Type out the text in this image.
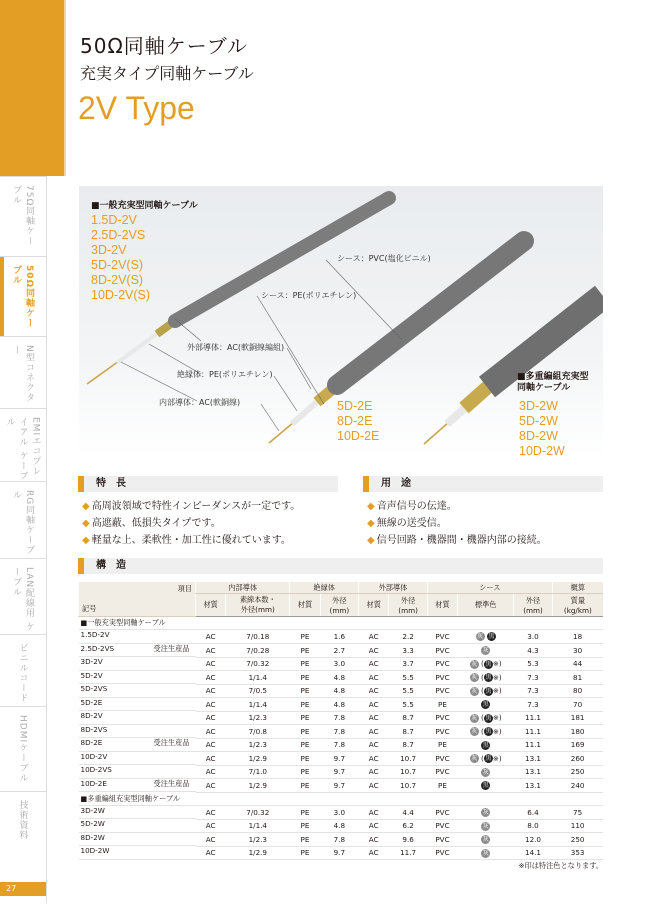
75Ω同軸ケーブル
50Ω同軸ケーブル
N型コネクター
EMIエコプレイアル ケーブル
RG同軸ケーブル
LAN配線用 ケーブル
ビニルコード
HDMIケーブル
技術資料
27
50Ω同軸ケーブル
充実タイプ同軸ケーブル
2V Type
■一般充実型同軸ケーブル
1.5D-2V
2.5D-2VS
3D-2V
5D-2V(S)
8D-2V(S)
10D-2V(S)
5D-2E
8D-2E
10D-2E
■多重編組充実型
同軸ケーブル
3D-2W
5D-2W
8D-2W
10D-2W
シース：PVC(塩化ビニル)
シース：PE(ポリエチレン)
外部導体：AC(軟銅線編組)
絶縁体：PE(ポリエチレン)
内部導体：AC(軟銅線)
特　長
◆ 高周波領域で特性インピーダンスが一定です。
◆ 高遮蔽、低損失タイプです。
◆ 軽量な上、柔軟性・加工性に優れています。
用　途
◆ 音声信号の伝達。
◆ 無線の送受信。
◆ 信号回路・機器間・機器内部の接続。
構　造
項目
記号	内部導体		絶縁体		外部導体		シース			概算
	材質	素線本数・
外径(mm)	材質	外径
(mm)	材質	外径
(mm)	材質	標準色	外径
(mm)	質量
(kg/km)
■一般充実型同軸ケーブル										

1.5D-2V	AC	7/0.18	PE	1.6	AC	2.2	PVC	灰 黒	3.0	18

2.5D-2VS	受注生産品	AC	7/0.28	PE	2.7	AC	3.3	PVC	灰	4.3	30

3D-2V	AC	7/0.32	PE	3.0	AC	3.7	PVC	灰 (黒 ※)	5.3	44

5D-2V	AC	1/1.4	PE	4.8	AC	5.5	PVC	灰 (黒 ※)	7.3	81

5D-2VS	AC	7/0.5	PE	4.8	AC	5.5	PVC	灰 (黒 ※)	7.3	80

5D-2E	AC	1/1.4	PE	4.8	AC	5.5	PE	黒	7.3	70

8D-2V	AC	1/2.3	PE	7.8	AC	8.7	PVC	灰 (黒 ※)	11.1	181

8D-2VS	AC	7/0.8	PE	7.8	AC	8.7	PVC	灰 (黒 ※)	11.1	180

8D-2E	受注生産品	AC	1/2.3	PE	7.8	AC	8.7	PE	黒	11.1	169

10D-2V	AC	1/2.9	PE	9.7	AC	10.7	PVC	灰 (黒 ※)	13.1	260

10D-2VS	AC	7/1.0	PE	9.7	AC	10.7	PVC	灰	13.1	250

10D-2E	受注生産品	AC	1/2.9	PE	9.7	AC	10.7	PE	黒	13.1	240
■多重編組充実型同軸ケーブル										

3D-2W	AC	7/0.32	PE	3.0	AC	4.4	PVC	灰	6.4	75

5D-2W	AC	1/1.4	PE	4.8	AC	6.2	PVC	灰	8.0	110

8D-2W	AC	1/2.3	PE	7.8	AC	9.6	PVC	灰	12.0	250

10D-2W	AC	1/2.9	PE	9.7	AC	11.7	PVC	灰	14.1	353
※印は特注色となります。
